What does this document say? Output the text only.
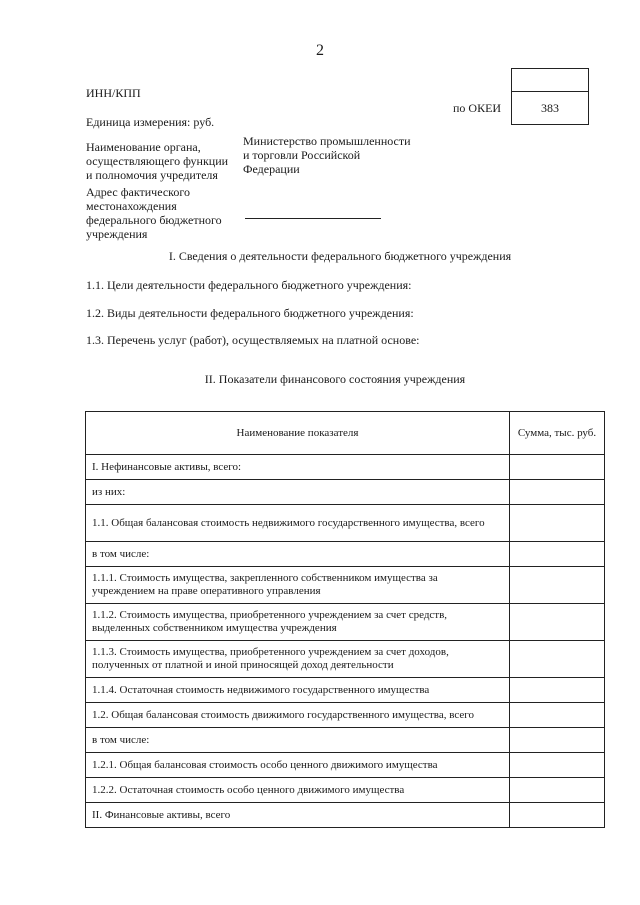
2
383
по ОКЕИ
ИНН/КПП
Единица измерения: руб.
Наименование органа, осуществляющего функции и полномочия учредителя
Министерство промышленности и торговли Российской Федерации
Адрес фактического местонахождения федерального бюджетного учреждения
I. Сведения о деятельности федерального бюджетного учреждения
1.1. Цели деятельности федерального бюджетного учреждения:
1.2. Виды деятельности федерального бюджетного учреждения:
1.3. Перечень услуг (работ), осуществляемых на платной основе:
II. Показатели финансового состояния учреждения
Наименование показателя	Сумма, тыс. руб.
I. Нефинансовые активы, всего:	
из них:	
1.1. Общая балансовая стоимость недвижимого государственного имущества, всего	
в том числе:	
1.1.1. Стоимость имущества, закрепленного собственником имущества за учреждением на праве оперативного управления	
1.1.2. Стоимость имущества, приобретенного учреждением за счет средств, выделенных собственником имущества учреждения	
1.1.3. Стоимость имущества, приобретенного учреждением за счет доходов, полученных от платной и иной приносящей доход деятельности	
1.1.4. Остаточная стоимость недвижимого государственного имущества	
1.2. Общая балансовая стоимость движимого государственного имущества, всего	
в том числе:	
1.2.1. Общая балансовая стоимость особо ценного движимого имущества	
1.2.2. Остаточная стоимость особо ценного движимого имущества	
II. Финансовые активы, всего	
